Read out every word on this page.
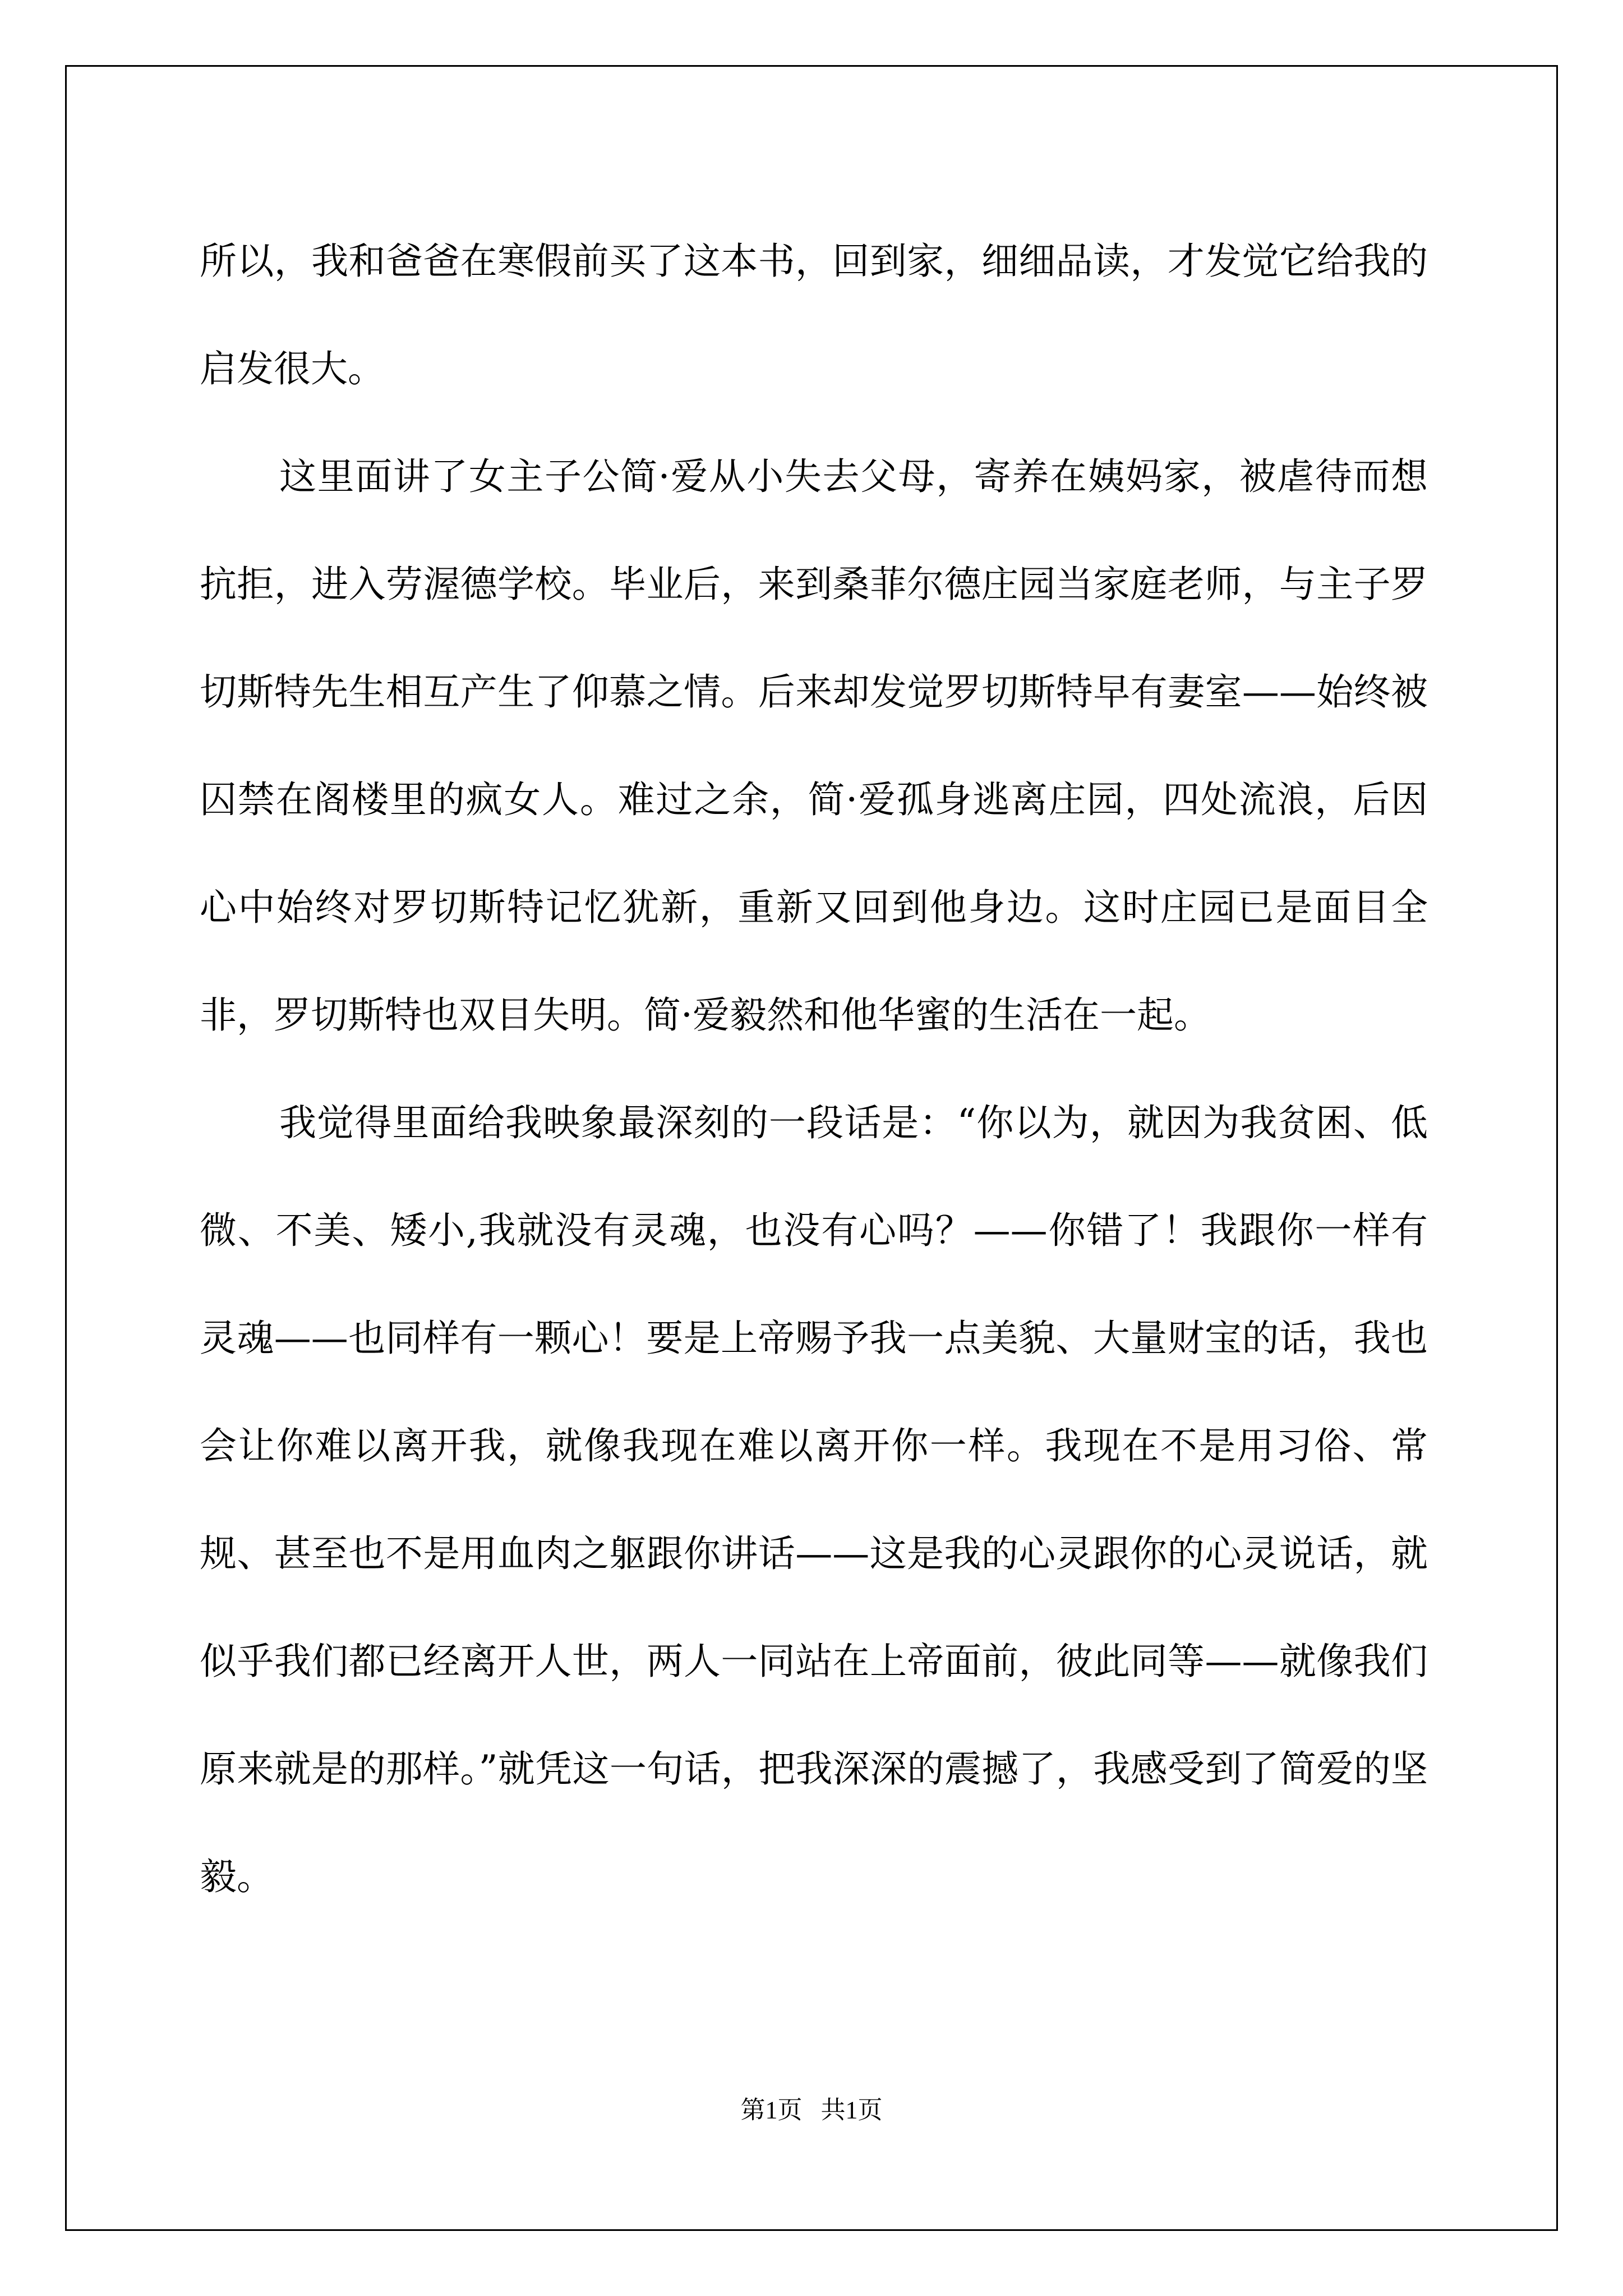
所以，我和爸爸在寒假前买了这本书，回到家，细细品读，才发觉它给我的启发很大。

这里面讲了女主子公简·爱从小失去父母，寄养在姨妈家，被虐待而想抗拒，进入劳渥德学校。毕业后，来到桑菲尔德庄园当家庭老师，与主子罗切斯特先生相互产生了仰慕之情。后来却发觉罗切斯特早有妻室——始终被囚禁在阁楼里的疯女人。难过之余，简·爱孤身逃离庄园，四处流浪，后因心中始终对罗切斯特记忆犹新，重新又回到他身边。这时庄园已是面目全非，罗切斯特也双目失明。简·爱毅然和他华蜜的生活在一起。

我觉得里面给我映象最深刻的一段话是：“你以为，就因为我贫困、低微、不美、矮小,我就没有灵魂，也没有心吗？——你错了！我跟你一样有灵魂——也同样有一颗心！要是上帝赐予我一点美貌、大量财宝的话，我也会让你难以离开我，就像我现在难以离开你一样。我现在不是用习俗、常规、甚至也不是用血肉之躯跟你讲话——这是我的心灵跟你的心灵说话，就似乎我们都已经离开人世，两人一同站在上帝面前，彼此同等——就像我们原来就是的那样。”就凭这一句话，把我深深的震撼了，我感受到了简爱的坚毅。

第1页   共1页
